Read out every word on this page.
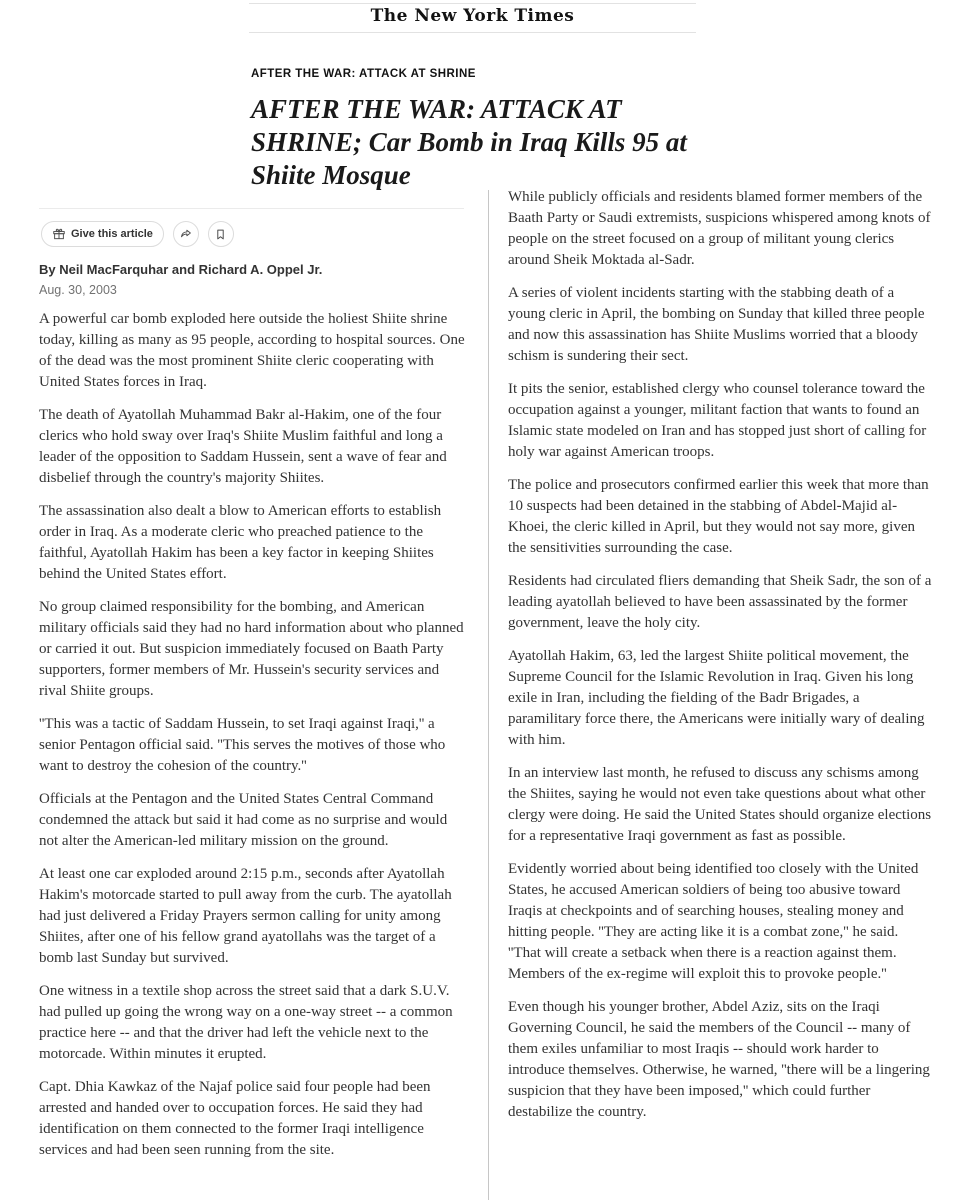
The New York Times
AFTER THE WAR: ATTACK AT SHRINE
AFTER THE WAR: ATTACK AT SHRINE; Car Bomb in Iraq Kills 95 at Shiite Mosque
Give this article
By Neil MacFarquhar and Richard A. Oppel Jr.
Aug. 30, 2003

A powerful car bomb exploded here outside the holiest Shiite shrine today, killing as many as 95 people, according to hospital sources. One of the dead was the most prominent Shiite cleric cooperating with United States forces in Iraq.

The death of Ayatollah Muhammad Bakr al-Hakim, one of the four clerics who hold sway over Iraq's Shiite Muslim faithful and long a leader of the opposition to Saddam Hussein, sent a wave of fear and disbelief through the country's majority Shiites.

The assassination also dealt a blow to American efforts to establish order in Iraq. As a moderate cleric who preached patience to the faithful, Ayatollah Hakim has been a key factor in keeping Shiites behind the United States effort.

No group claimed responsibility for the bombing, and American military officials said they had no hard information about who planned or carried it out. But suspicion immediately focused on Baath Party supporters, former members of Mr. Hussein's security services and rival Shiite groups.

''This was a tactic of Saddam Hussein, to set Iraqi against Iraqi,'' a senior Pentagon official said. ''This serves the motives of those who want to destroy the cohesion of the country.''

Officials at the Pentagon and the United States Central Command condemned the attack but said it had come as no surprise and would not alter the American-led military mission on the ground.

At least one car exploded around 2:15 p.m., seconds after Ayatollah Hakim's motorcade started to pull away from the curb. The ayatollah had just delivered a Friday Prayers sermon calling for unity among Shiites, after one of his fellow grand ayatollahs was the target of a bomb last Sunday but survived.

One witness in a textile shop across the street said that a dark S.U.V. had pulled up going the wrong way on a one-way street -- a common practice here -- and that the driver had left the vehicle next to the motorcade. Within minutes it erupted.

Capt. Dhia Kawkaz of the Najaf police said four people had been arrested and handed over to occupation forces. He said they had identification on them connected to the former Iraqi intelligence services and had been seen running from the site.

While publicly officials and residents blamed former members of the Baath Party or Saudi extremists, suspicions whispered among knots of people on the street focused on a group of militant young clerics around Sheik Moktada al-Sadr.

A series of violent incidents starting with the stabbing death of a young cleric in April, the bombing on Sunday that killed three people and now this assassination has Shiite Muslims worried that a bloody schism is sundering their sect.

It pits the senior, established clergy who counsel tolerance toward the occupation against a younger, militant faction that wants to found an Islamic state modeled on Iran and has stopped just short of calling for holy war against American troops.

The police and prosecutors confirmed earlier this week that more than 10 suspects had been detained in the stabbing of Abdel-Majid al-Khoei, the cleric killed in April, but they would not say more, given the sensitivities surrounding the case.

Residents had circulated fliers demanding that Sheik Sadr, the son of a leading ayatollah believed to have been assassinated by the former government, leave the holy city.

Ayatollah Hakim, 63, led the largest Shiite political movement, the Supreme Council for the Islamic Revolution in Iraq. Given his long exile in Iran, including the fielding of the Badr Brigades, a paramilitary force there, the Americans were initially wary of dealing with him.

In an interview last month, he refused to discuss any schisms among the Shiites, saying he would not even take questions about what other clergy were doing. He said the United States should organize elections for a representative Iraqi government as fast as possible.

Evidently worried about being identified too closely with the United States, he accused American soldiers of being too abusive toward Iraqis at checkpoints and of searching houses, stealing money and hitting people. ''They are acting like it is a combat zone,'' he said. ''That will create a setback when there is a reaction against them. Members of the ex-regime will exploit this to provoke people.''

Even though his younger brother, Abdel Aziz, sits on the Iraqi Governing Council, he said the members of the Council -- many of them exiles unfamiliar to most Iraqis -- should work harder to introduce themselves. Otherwise, he warned, ''there will be a lingering suspicion that they have been imposed,'' which could further destabilize the country.
